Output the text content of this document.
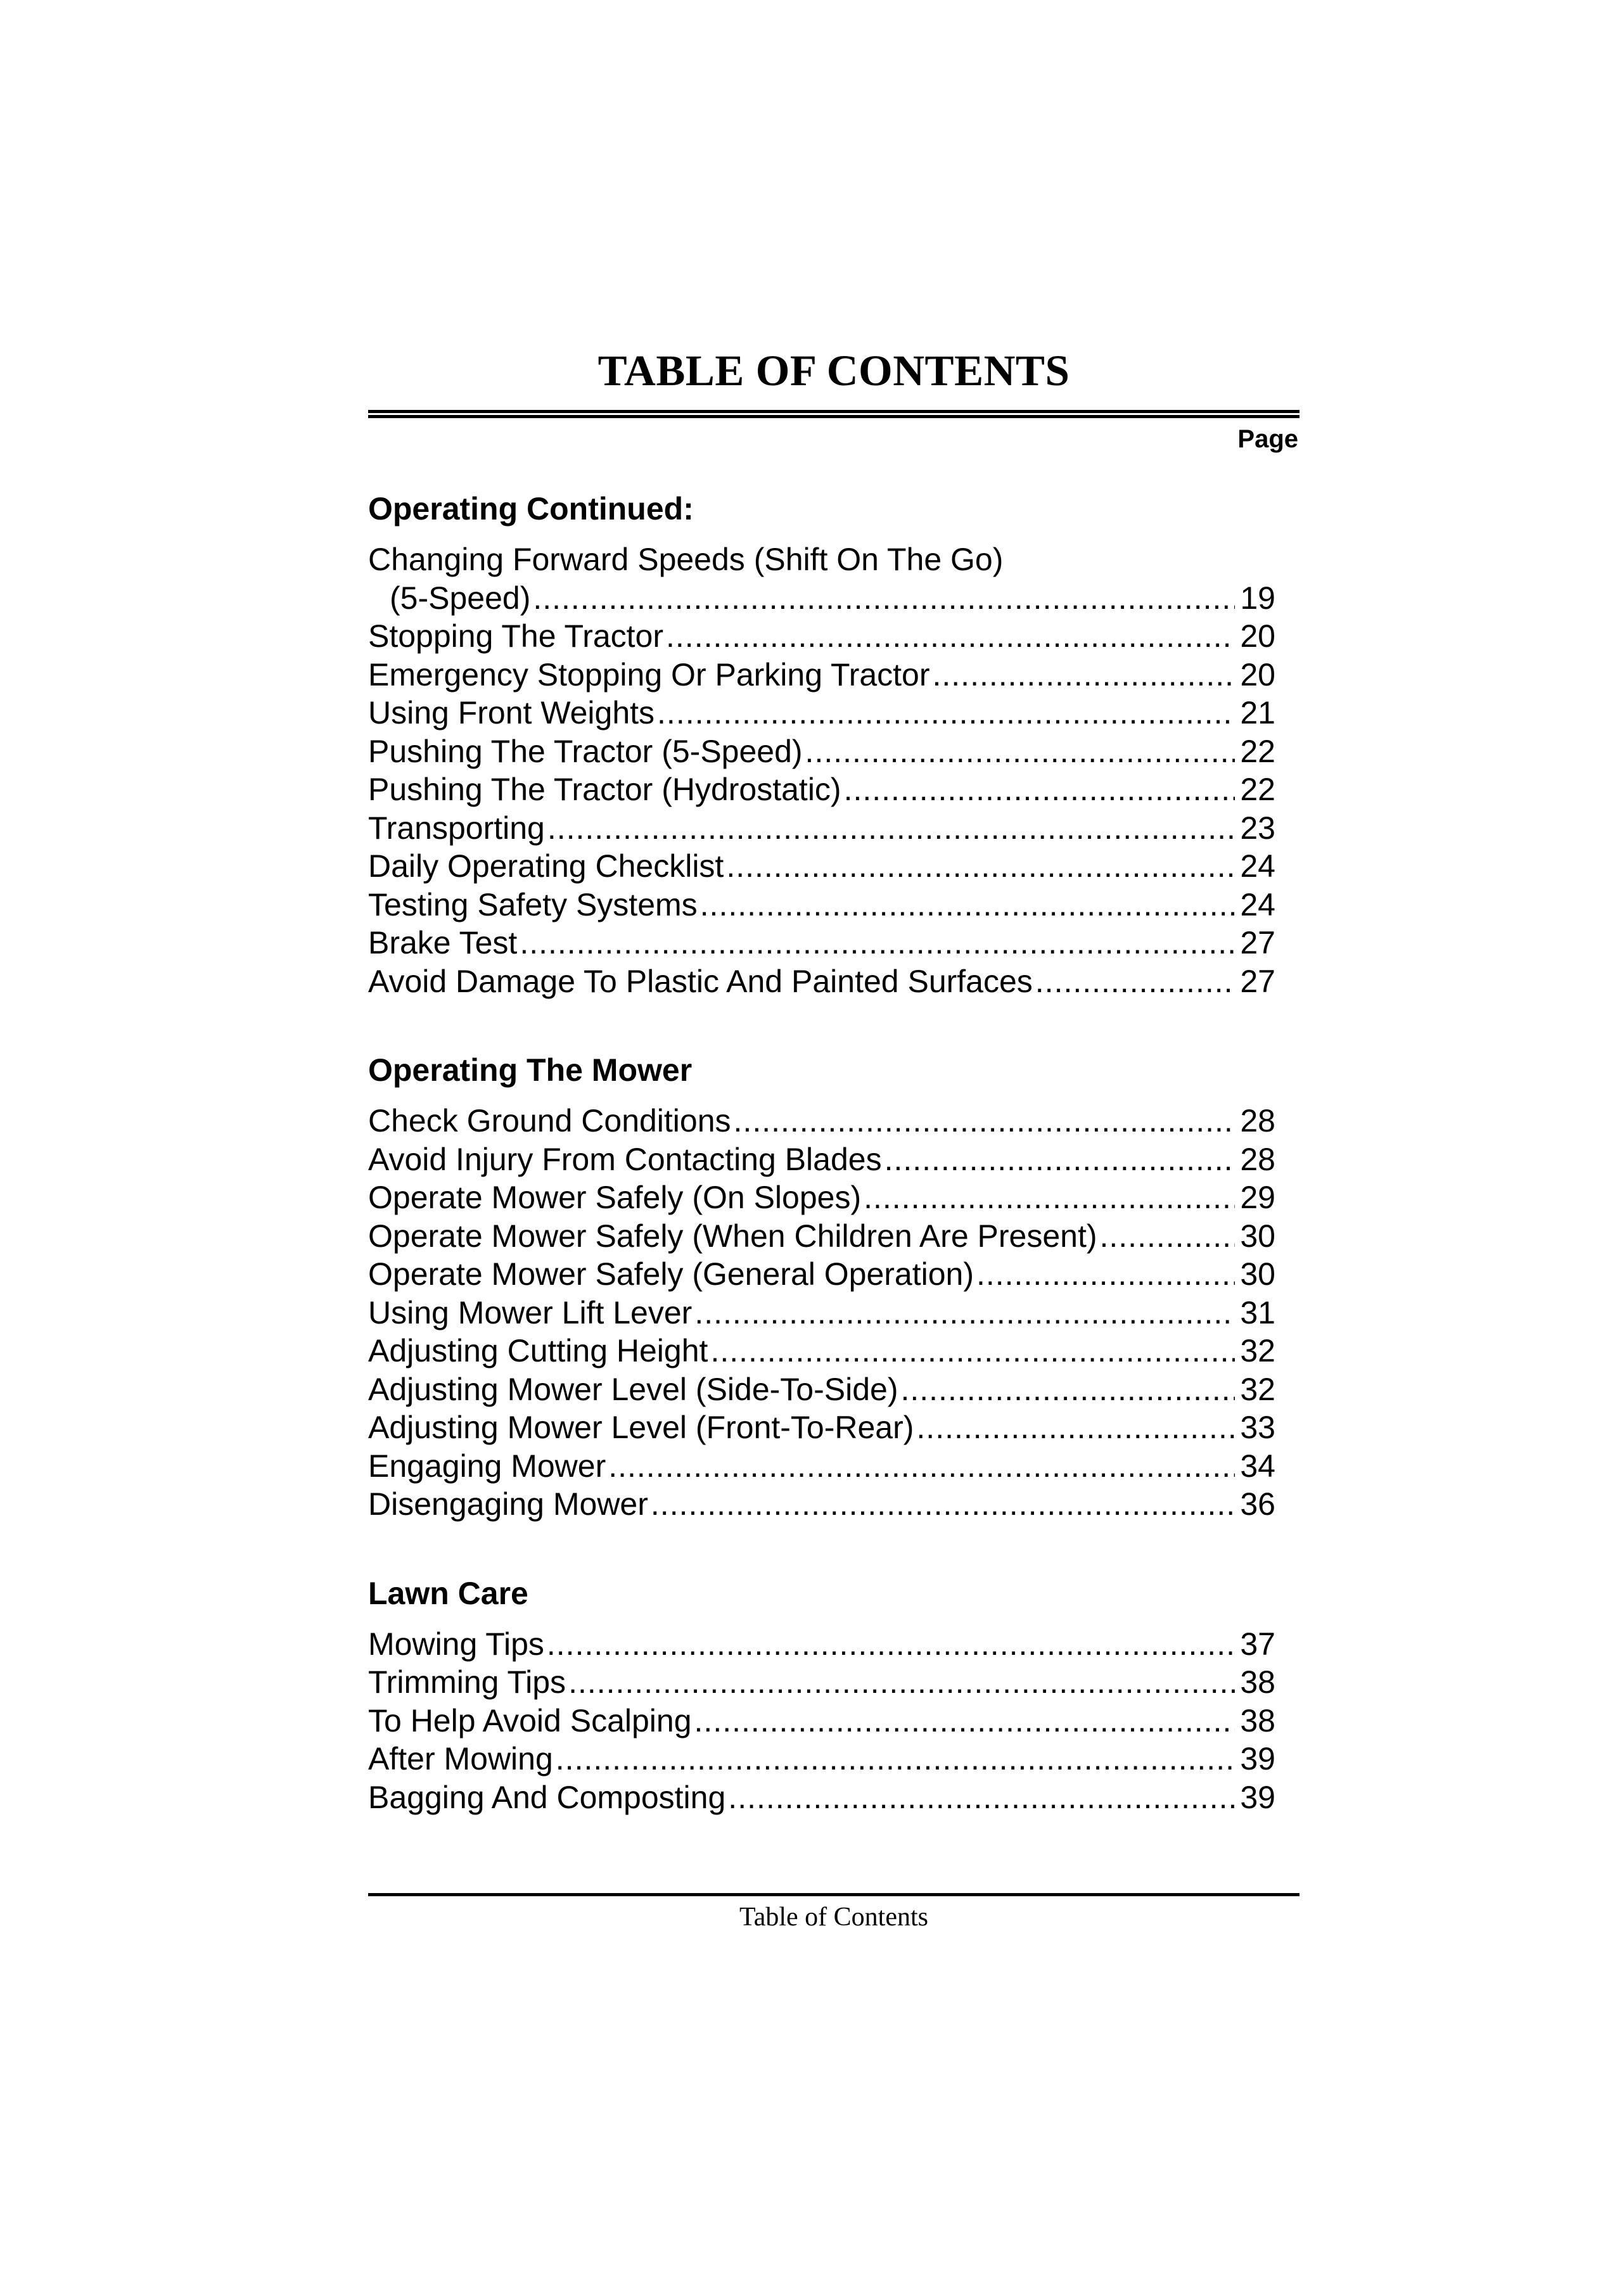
TABLE OF CONTENTS
Page
Operating Continued:
Changing Forward Speeds (Shift On The Go)
(5-Speed) .....	19
Stopping The Tractor .....	20
Emergency Stopping Or Parking Tractor .....	20
Using Front Weights .....	21
Pushing The Tractor (5-Speed) .....	22
Pushing The Tractor (Hydrostatic) .....	22
Transporting .....	23
Daily Operating Checklist .....	24
Testing Safety Systems .....	24
Brake Test .....	27
Avoid Damage To Plastic And Painted Surfaces .....	27
Operating The Mower
Check Ground Conditions .....	28
Avoid Injury From Contacting Blades .....	28
Operate Mower Safely (On Slopes) .....	29
Operate Mower Safely (When Children Are Present) .....	30
Operate Mower Safely (General Operation) .....	30
Using Mower Lift Lever .....	31
Adjusting Cutting Height .....	32
Adjusting Mower Level (Side-To-Side) .....	32
Adjusting Mower Level (Front-To-Rear) .....	33
Engaging Mower .....	34
Disengaging Mower .....	36
Lawn Care
Mowing Tips .....	37
Trimming Tips .....	38
To Help Avoid Scalping .....	38
After Mowing .....	39
Bagging And Composting .....	39
Table of Contents
